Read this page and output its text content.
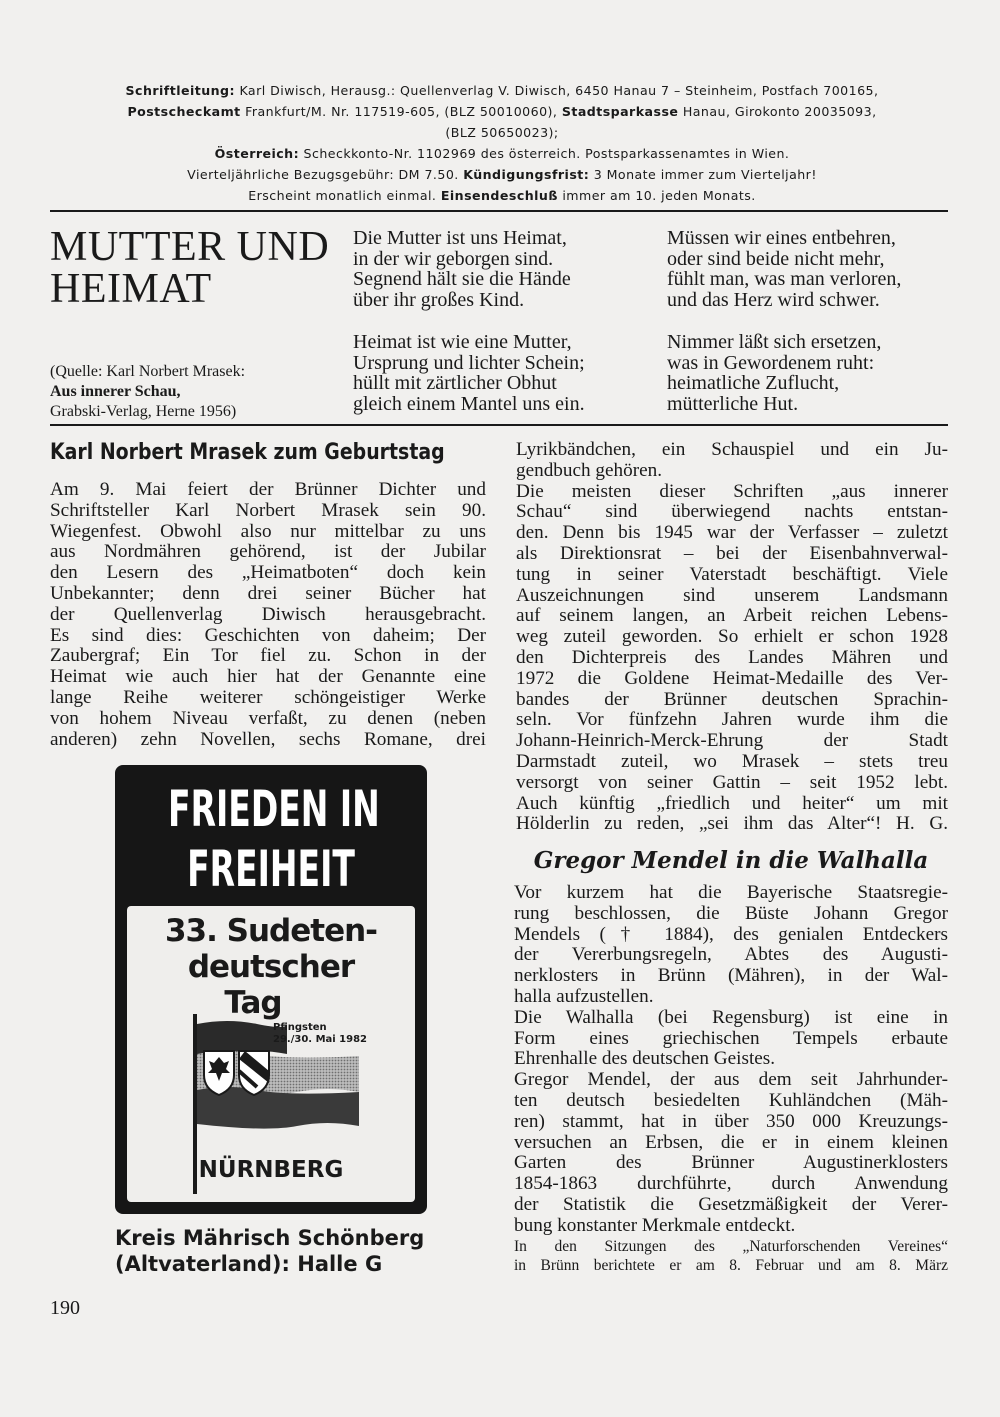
Schriftleitung: Karl Diwisch, Herausg.: Quellenverlag V. Diwisch, 6450 Hanau 7 – Steinheim, Postfach 700165,
Postscheckamt Frankfurt/M. Nr. 117519-605, (BLZ 50010060), Stadtsparkasse Hanau, Girokonto 20035093,
(BLZ 50650023);
Österreich: Scheckkonto-Nr. 1102969 des österreich. Postsparkassenamtes in Wien.
Vierteljährliche Bezugsgebühr: DM 7.50. Kündigungsfrist: 3 Monate immer zum Vierteljahr!
Erscheint monatlich einmal. Einsendeschluß immer am 10. jeden Monats.
MUTTER UND
HEIMAT
(Quelle: Karl Norbert Mrasek:
Aus innerer Schau,
Grabski-Verlag, Herne 1956)
Die Mutter ist uns Heimat,
in der wir geborgen sind.
Segnend hält sie die Hände
über ihr großes Kind.
Müssen wir eines entbehren,
oder sind beide nicht mehr,
fühlt man, was man verloren,
und das Herz wird schwer.
Heimat ist wie eine Mutter,
Ursprung und lichter Schein;
hüllt mit zärtlicher Obhut
gleich einem Mantel uns ein.
Nimmer läßt sich ersetzen,
was in Gewordenem ruht:
heimatliche Zuflucht,
mütterliche Hut.
Karl Norbert Mrasek zum Geburtstag
Am 9. Mai feiert der Brünner Dichter und
Schriftsteller Karl Norbert Mrasek sein 90.
Wiegenfest. Obwohl also nur mittelbar zu uns
aus Nordmähren gehörend, ist der Jubilar
den Lesern des „Heimatboten“ doch kein
Unbekannter; denn drei seiner Bücher hat
der Quellenverlag Diwisch herausgebracht.
Es sind dies: Geschichten von daheim; Der
Zaubergraf; Ein Tor fiel zu. Schon in der
Heimat wie auch hier hat der Genannte eine
lange Reihe weiterer schöngeistiger Werke
von hohem Niveau verfaßt, zu denen (neben
anderen) zehn Novellen, sechs Romane, drei
Lyrikbändchen, ein Schauspiel und ein Ju-
gendbuch gehören.
Die meisten dieser Schriften „aus innerer
Schau“ sind überwiegend nachts entstan-
den. Denn bis 1945 war der Verfasser – zuletzt
als Direktionsrat – bei der Eisenbahnverwal-
tung in seiner Vaterstadt beschäftigt. Viele
Auszeichnungen sind unserem Landsmann
auf seinem langen, an Arbeit reichen Lebens-
weg zuteil geworden. So erhielt er schon 1928
den Dichterpreis des Landes Mähren und
1972 die Goldene Heimat-Medaille des Ver-
bandes der Brünner deutschen Sprachin-
seln. Vor fünfzehn Jahren wurde ihm die
Johann-Heinrich-Merck-Ehrung der Stadt
Darmstadt zuteil, wo Mrasek – stets treu
versorgt von seiner Gattin – seit 1952 lebt.
Auch künftig „friedlich und heiter“ um mit
Hölderlin zu reden, „sei ihm das Alter“! H. G.
Gregor Mendel in die Walhalla
Vor kurzem hat die Bayerische Staatsregie-
rung beschlossen, die Büste Johann Gregor
Mendels († 1884), des genialen Entdeckers
der Vererbungsregeln, Abtes des Augusti-
nerklosters in Brünn (Mähren), in der Wal-
halla aufzustellen.
Die Walhalla (bei Regensburg) ist eine in
Form eines griechischen Tempels erbaute
Ehrenhalle des deutschen Geistes.
Gregor Mendel, der aus dem seit Jahrhunder-
ten deutsch besiedelten Kuhländchen (Mäh-
ren) stammt, hat in über 350 000 Kreuzungs-
versuchen an Erbsen, die er in einem kleinen
Garten des Brünner Augustinerklosters
1854-1863 durchführte, durch Anwendung
der Statistik die Gesetzmäßigkeit der Verer-
bung konstanter Merkmale entdeckt.
In den Sitzungen des „Naturforschenden Vereines“
in Brünn berichtete er am 8. Februar und am 8. März
FRIEDEN IN
FREIHEIT
33. Sudeten-
deutscher
Tag
Pfingsten
29./30. Mai 1982
NÜRNBERG
Kreis Mährisch Schönberg
(Altvaterland): Halle G
190
